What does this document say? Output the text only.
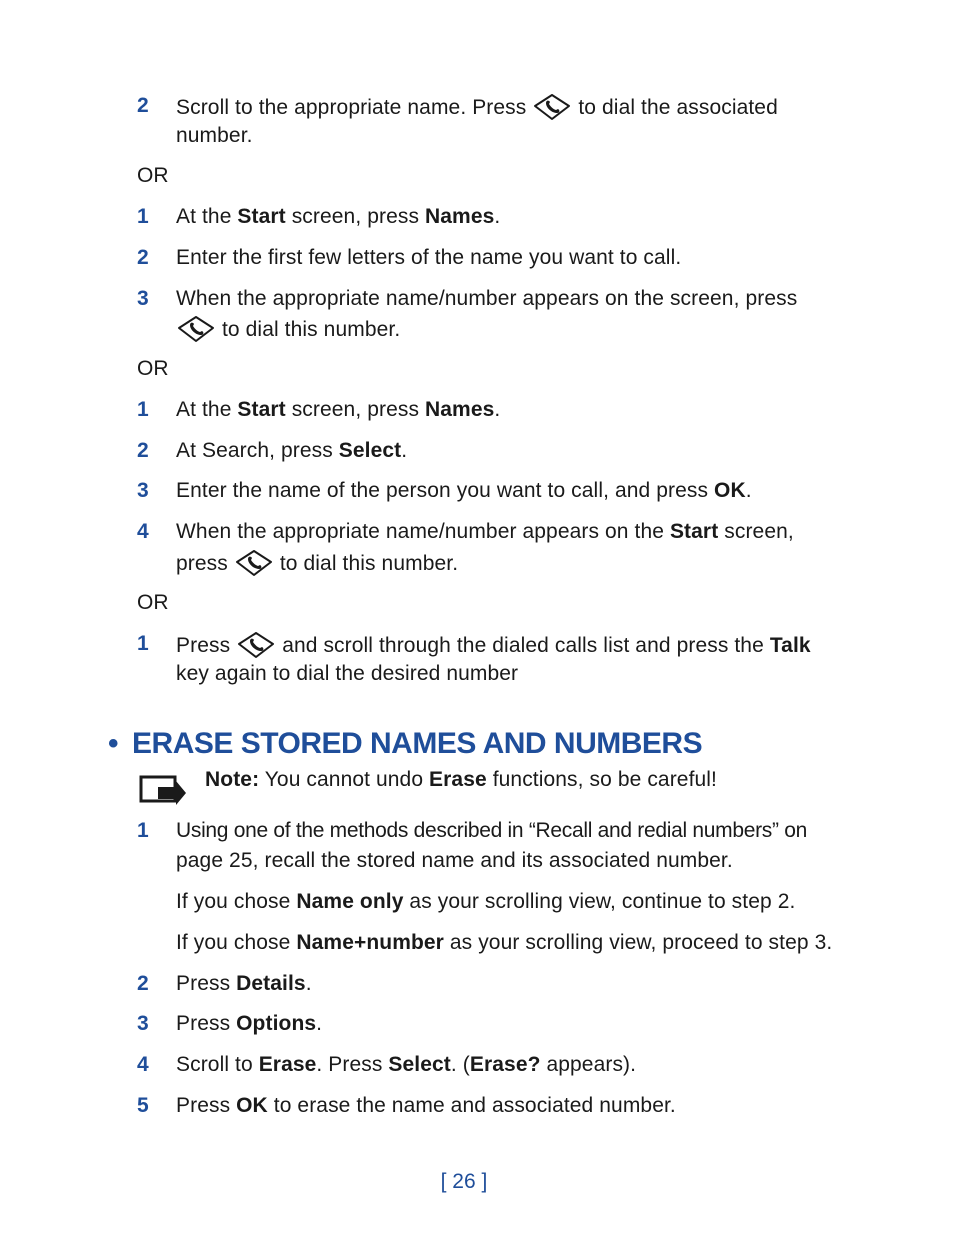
2 Scroll to the appropriate name. Press to dial the associated
number.
OR
1 At the Start screen, press Names.
2 Enter the first few letters of the name you want to call.
3 When the appropriate name/number appears on the screen, press
to dial this number.
OR
1 At the Start screen, press Names.
2 At Search, press Select.
3 Enter the name of the person you want to call, and press OK.
4 When the appropriate name/number appears on the Start screen,
press to dial this number.
OR
1 Press and scroll through the dialed calls list and press the Talk
key again to dial the desired number
• ERASE STORED NAMES AND NUMBERS
Note: You cannot undo Erase functions, so be careful!
1 Using one of the methods described in “Recall and redial numbers” on
page 25, recall the stored name and its associated number.
If you chose Name only as your scrolling view, continue to step 2.
If you chose Name+number as your scrolling view, proceed to step 3.
2 Press Details.
3 Press Options.
4 Scroll to Erase. Press Select. (Erase? appears).
5 Press OK to erase the name and associated number.
[ 26 ]
